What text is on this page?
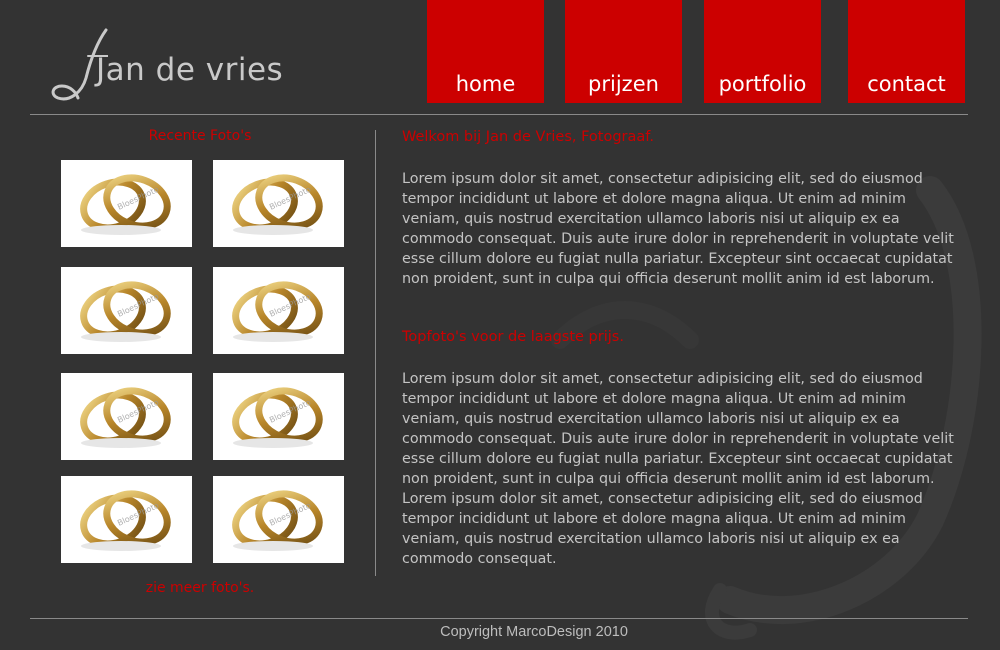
Jan de vries	home	prijzen	portfolio	contact
Recente Foto's
BloesPhoto	BloesPhoto
BloesPhoto	BloesPhoto
BloesPhoto	BloesPhoto
BloesPhoto	BloesPhoto
zie meer foto's.
Welkom bij Jan de Vries, Fotograaf.

Lorem ipsum dolor sit amet, consectetur adipisicing elit, sed do eiusmod tempor incididunt ut labore et dolore magna aliqua. Ut enim ad minim veniam, quis nostrud exercitation ullamco laboris nisi ut aliquip ex ea commodo consequat. Duis aute irure dolor in reprehenderit in voluptate velit esse cillum dolore eu fugiat nulla pariatur. Excepteur sint occaecat cupidatat non proident, sunt in culpa qui officia deserunt mollit anim id est laborum.

Topfoto's voor de laagste prijs.

Lorem ipsum dolor sit amet, consectetur adipisicing elit, sed do eiusmod tempor incididunt ut labore et dolore magna aliqua. Ut enim ad minim veniam, quis nostrud exercitation ullamco laboris nisi ut aliquip ex ea commodo consequat. Duis aute irure dolor in reprehenderit in voluptate velit esse cillum dolore eu fugiat nulla pariatur. Excepteur sint occaecat cupidatat non proident, sunt in culpa qui officia deserunt mollit anim id est laborum. Lorem ipsum dolor sit amet, consectetur adipisicing elit, sed do eiusmod tempor incididunt ut labore et dolore magna aliqua. Ut enim ad minim veniam, quis nostrud exercitation ullamco laboris nisi ut aliquip ex ea commodo consequat.

Copyright MarcoDesign 2010
